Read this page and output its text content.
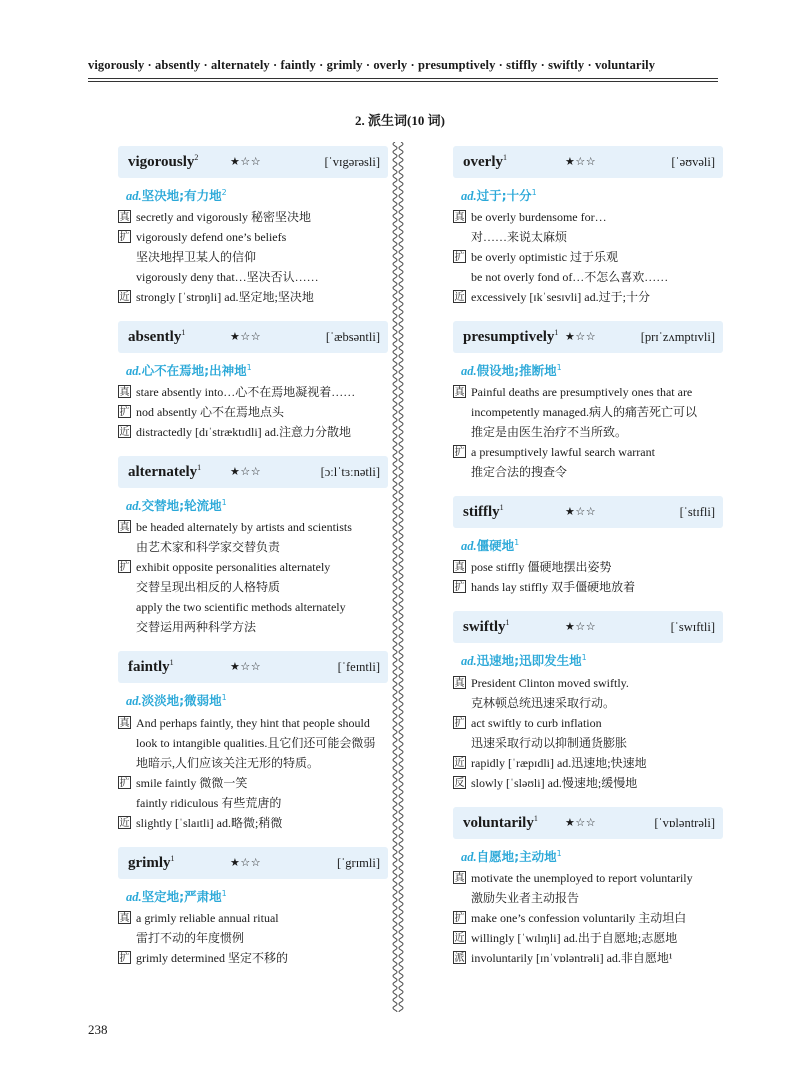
vigorously · absently · alternately · faintly · grimly · overly · presumptively · stiffly · swiftly · voluntarily
2. 派生词(10 词)
vigorously$^2$	★☆☆	[ˈvɪgərəsli]
ad.坚决地;有力地$^2$
真 secretly and vigorously 秘密坚决地
扩 vigorously defend one’s beliefs
坚决地捍卫某人的信仰
vigorously deny that…坚决否认……
近 strongly [ˈstrɒŋli] ad.坚定地;坚决地
absently$^1$	★☆☆	[ˈæbsəntli]
ad.心不在焉地;出神地$^1$
真 stare absently into…心不在焉地凝视着……
扩 nod absently 心不在焉地点头
近 distractedly [dɪˈstræktɪdli] ad.注意力分散地
alternately$^1$	★☆☆	[ɔːlˈtɜːnətli]
ad.交替地;轮流地$^1$
真 be headed alternately by artists and scientists
由艺术家和科学家交替负责
扩 exhibit opposite personalities alternately
交替呈现出相反的人格特质
apply the two scientific methods alternately
交替运用两种科学方法
faintly$^1$	★☆☆	[ˈfeɪntli]
ad.淡淡地;微弱地$^1$
真 And perhaps faintly, they hint that people should
look to intangible qualities.且它们还可能会微弱
地暗示,人们应该关注无形的特质。
扩 smile faintly 微微一笑
faintly ridiculous 有些荒唐的
近 slightly [ˈslaɪtli] ad.略微;稍微
grimly$^1$	★☆☆	[ˈgrɪmli]
ad.坚定地;严肃地$^1$
真 a grimly reliable annual ritual
雷打不动的年度惯例
扩 grimly determined 坚定不移的
overly$^1$	★☆☆	[ˈəʊvəli]
ad.过于;十分$^1$
真 be overly burdensome for…
对……来说太麻烦
扩 be overly optimistic 过于乐观
be not overly fond of…不怎么喜欢……
近 excessively [ɪkˈsesɪvli] ad.过于;十分
presumptively$^1$ ★☆☆	[prɪˈzʌmptɪvli]
ad.假设地;推断地$^1$
真 Painful deaths are presumptively ones that are
incompetently managed.病人的痛苦死亡可以
推定是由医生治疗不当所致。
扩 a presumptively lawful search warrant
推定合法的搜查令
stiffly$^1$	★☆☆	[ˈstɪfli]
ad.僵硬地$^1$
真 pose stiffly 僵硬地摆出姿势
扩 hands lay stiffly 双手僵硬地放着
swiftly$^1$	★☆☆	[ˈswɪftli]
ad.迅速地;迅即发生地$^1$
真 President Clinton moved swiftly.
克林顿总统迅速采取行动。
扩 act swiftly to curb inflation
迅速采取行动以抑制通货膨胀
近 rapidly [ˈræpɪdli] ad.迅速地;快速地
反 slowly [ˈsləʊli] ad.慢速地;缓慢地
voluntarily$^1$ ★☆☆	[ˈvɒləntrəli]
ad.自愿地;主动地$^1$
真 motivate the unemployed to report voluntarily
激励失业者主动报告
扩 make one’s confession voluntarily 主动坦白
近 willingly [ˈwɪlɪŋli] ad.出于自愿地;志愿地
派 involuntarily [ɪnˈvɒləntrəli] ad.非自愿地¹
238
